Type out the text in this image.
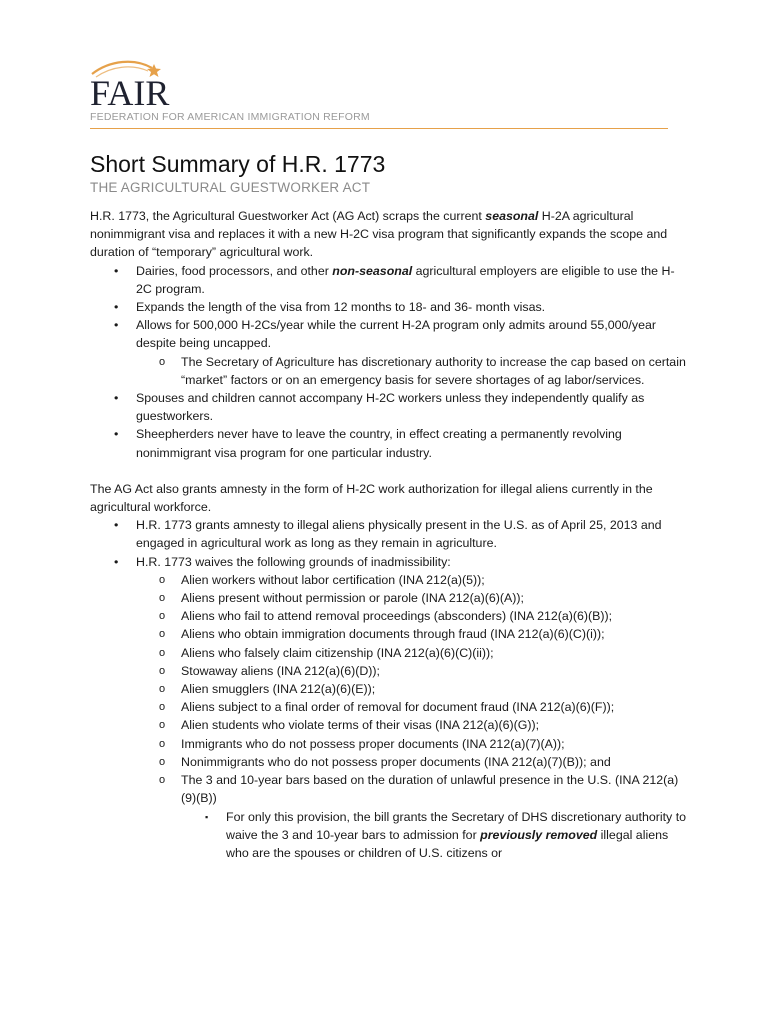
FAIR
FEDERATION FOR AMERICAN IMMIGRATION REFORM
Short Summary of H.R. 1773
THE AGRICULTURAL GUESTWORKER ACT

H.R. 1773, the Agricultural Guestworker Act (AG Act) scraps the current seasonal H-2A agricultural nonimmigrant visa and replaces it with a new H-2C visa program that significantly expands the scope and duration of “temporary” agricultural work.

• Dairies, food processors, and other non-seasonal agricultural employers are eligible to use the H-2C program.
• Expands the length of the visa from 12 months to 18- and 36- month visas.
• Allows for 500,000 H-2Cs/year while the current H-2A program only admits around 55,000/year despite being uncapped.
o The Secretary of Agriculture has discretionary authority to increase the cap based on certain “market” factors or on an emergency basis for severe shortages of ag labor/services.
• Spouses and children cannot accompany H-2C workers unless they independently qualify as guestworkers.
• Sheepherders never have to leave the country, in effect creating a permanently revolving nonimmigrant visa program for one particular industry.

The AG Act also grants amnesty in the form of H-2C work authorization for illegal aliens currently in the agricultural workforce.

• H.R. 1773 grants amnesty to illegal aliens physically present in the U.S. as of April 25, 2013 and engaged in agricultural work as long as they remain in agriculture.
• H.R. 1773 waives the following grounds of inadmissibility:
o Alien workers without labor certification (INA 212(a)(5));
o Aliens present without permission or parole (INA 212(a)(6)(A));
o Aliens who fail to attend removal proceedings (absconders) (INA 212(a)(6)(B));
o Aliens who obtain immigration documents through fraud (INA 212(a)(6)(C)(i));
o Aliens who falsely claim citizenship (INA 212(a)(6)(C)(ii));
o Stowaway aliens (INA 212(a)(6)(D));
o Alien smugglers (INA 212(a)(6)(E));
o Aliens subject to a final order of removal for document fraud (INA 212(a)(6)(F));
o Alien students who violate terms of their visas (INA 212(a)(6)(G));
o Immigrants who do not possess proper documents (INA 212(a)(7)(A));
o Nonimmigrants who do not possess proper documents (INA 212(a)(7)(B)); and
o The 3 and 10-year bars based on the duration of unlawful presence in the U.S. (INA 212(a)(9)(B))
▪ For only this provision, the bill grants the Secretary of DHS discretionary authority to waive the 3 and 10-year bars to admission for previously removed illegal aliens who are the spouses or children of U.S. citizens or
